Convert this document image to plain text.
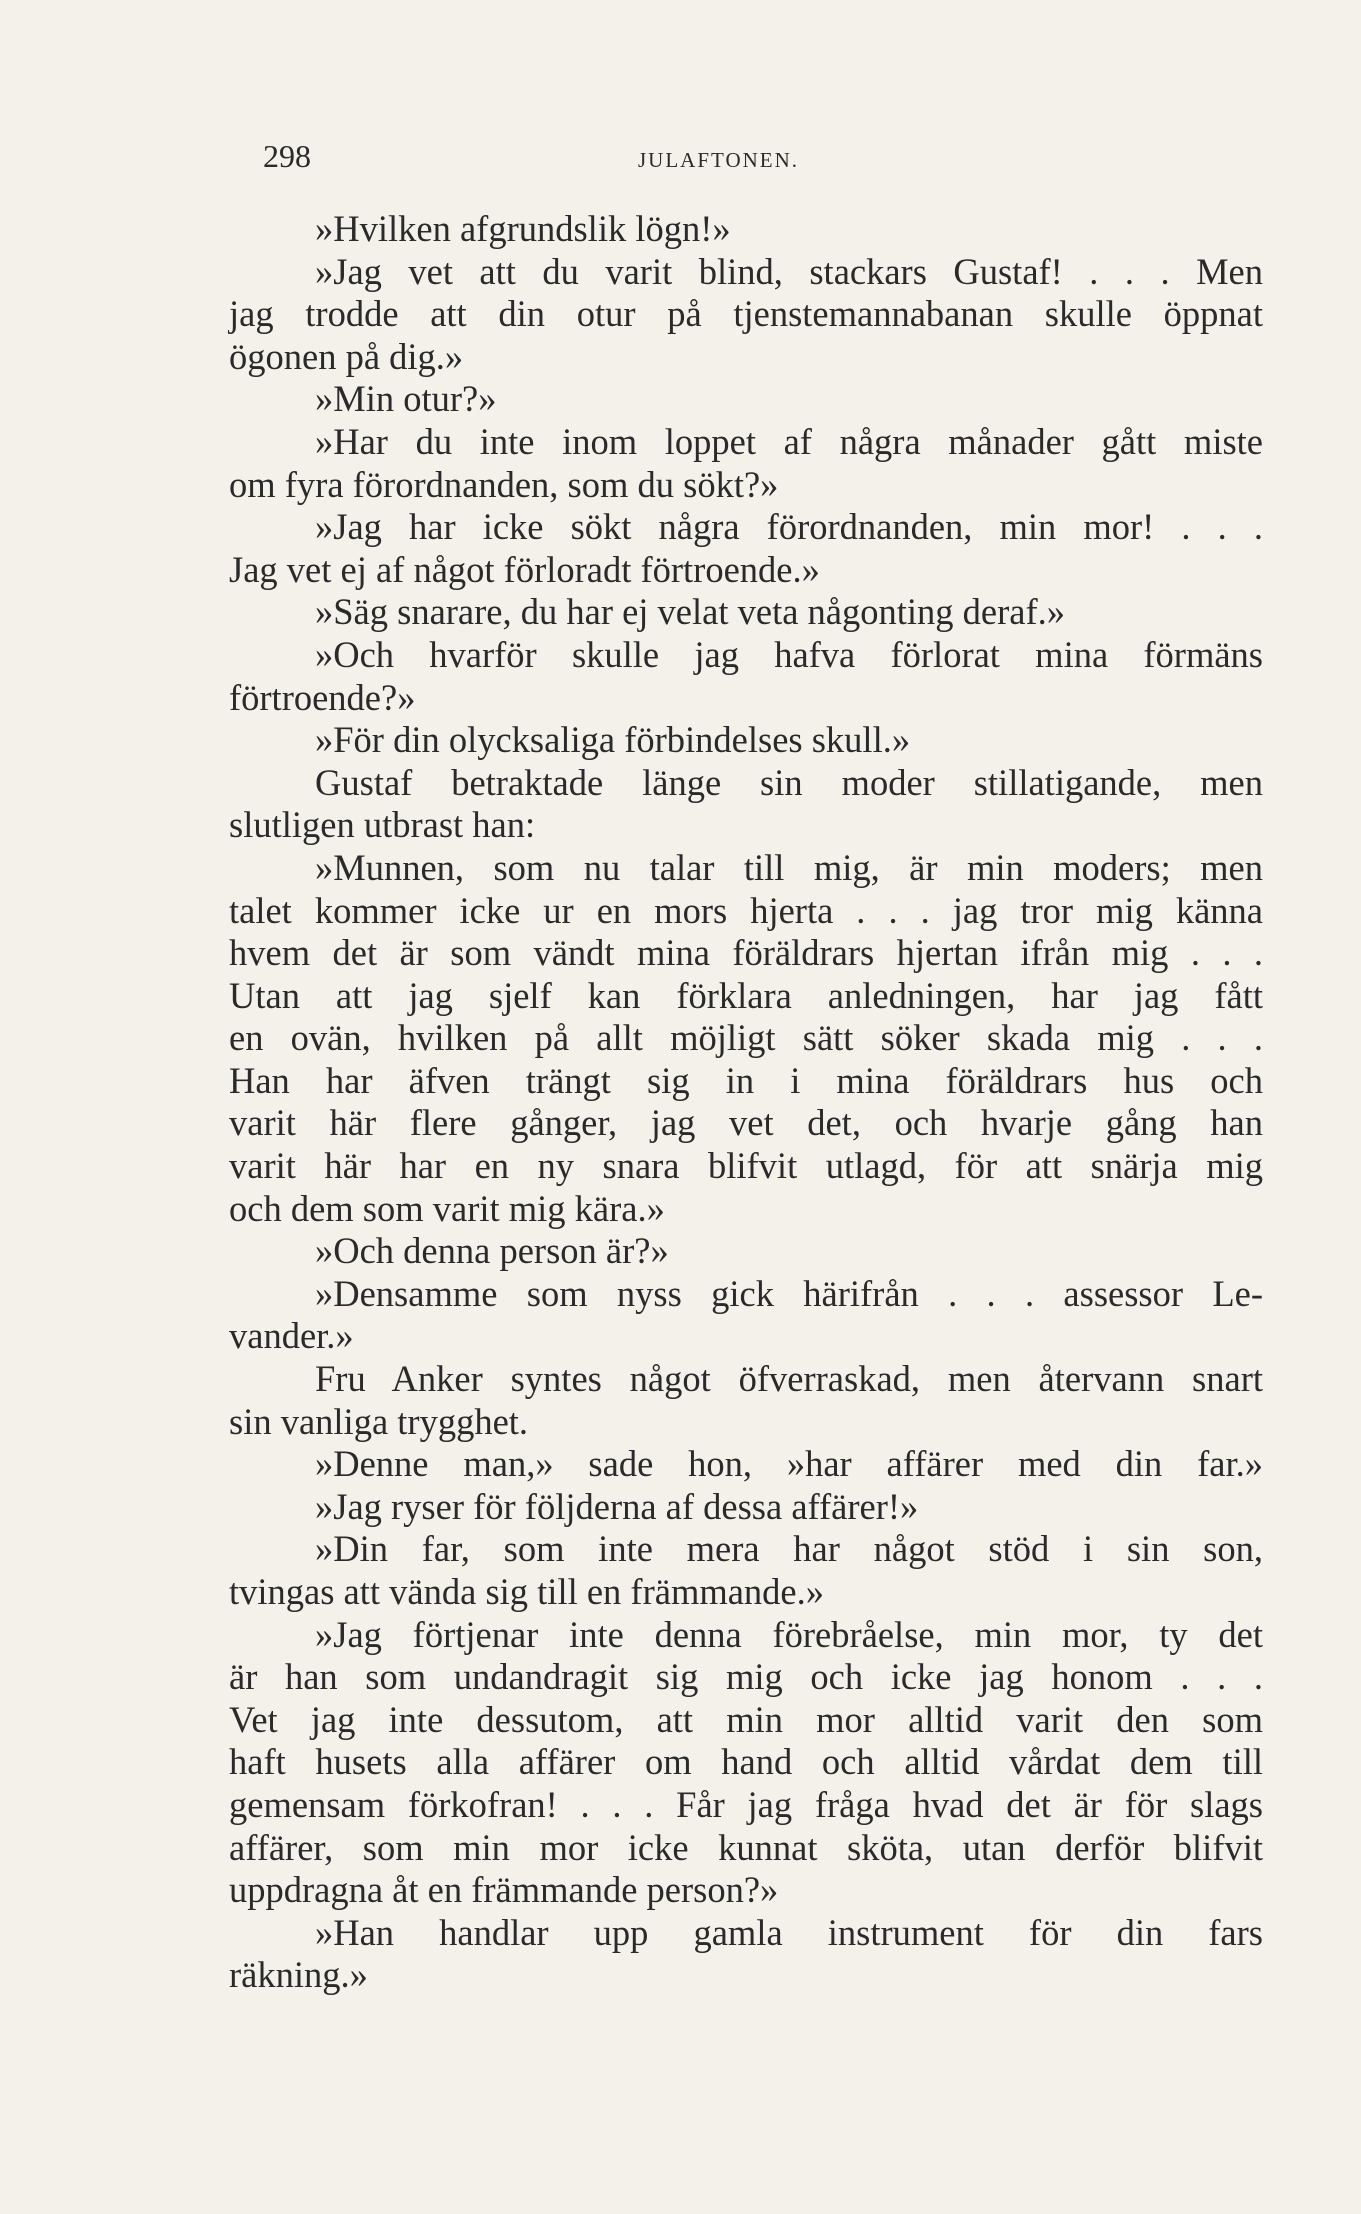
298	JULAFTONEN.
»Hvilken afgrundslik lögn!»
»Jag vet att du varit blind, stackars Gustaf! . . . Men
jag trodde att din otur på tjenstemannabanan skulle öppnat
ögonen på dig.»
»Min otur?»
»Har du inte inom loppet af några månader gått miste
om fyra förordnanden, som du sökt?»
»Jag har icke sökt några förordnanden, min mor! . . .
Jag vet ej af något förloradt förtroende.»
»Säg snarare, du har ej velat veta någonting deraf.»
»Och hvarför skulle jag hafva förlorat mina förmäns
förtroende?»
»För din olycksaliga förbindelses skull.»
Gustaf betraktade länge sin moder stillatigande, men
slutligen utbrast han:
»Munnen, som nu talar till mig, är min moders; men
talet kommer icke ur en mors hjerta . . . jag tror mig känna
hvem det är som vändt mina föräldrars hjertan ifrån mig . . .
Utan att jag sjelf kan förklara anledningen, har jag fått
en ovän, hvilken på allt möjligt sätt söker skada mig . . .
Han har äfven trängt sig in i mina föräldrars hus och
varit här flere gånger, jag vet det, och hvarje gång han
varit här har en ny snara blifvit utlagd, för att snärja mig
och dem som varit mig kära.»
»Och denna person är?»
»Densamme som nyss gick härifrån . . . assessor Le-
vander.»
Fru Anker syntes något öfverraskad, men återvann snart
sin vanliga trygghet.
»Denne man,» sade hon, »har affärer med din far.»
»Jag ryser för följderna af dessa affärer!»
»Din far, som inte mera har något stöd i sin son,
tvingas att vända sig till en främmande.»
»Jag förtjenar inte denna förebråelse, min mor, ty det
är han som undandragit sig mig och icke jag honom . . .
Vet jag inte dessutom, att min mor alltid varit den som
haft husets alla affärer om hand och alltid vårdat dem till
gemensam förkofran! . . . Får jag fråga hvad det är för slags
affärer, som min mor icke kunnat sköta, utan derför blifvit
uppdragna åt en främmande person?»
»Han handlar upp gamla instrument för din fars
räkning.»
